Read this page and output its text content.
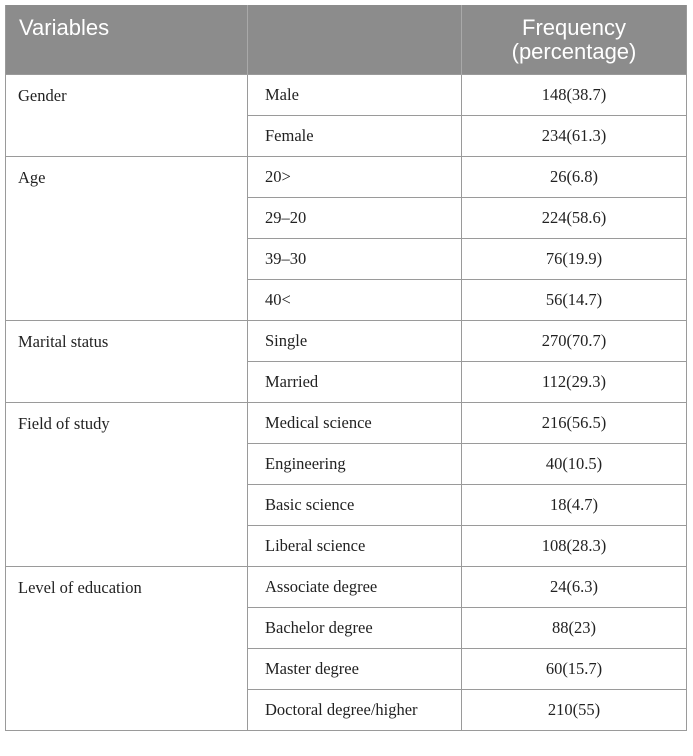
Variables		Frequency
(percentage)
Gender	Male	148(38.7)
	Female	234(61.3)
Age	20>	26(6.8)
	29–20	224(58.6)
	39–30	76(19.9)
	40<	56(14.7)
Marital status	Single	270(70.7)
	Married	112(29.3)
Field of study	Medical science	216(56.5)
	Engineering	40(10.5)
	Basic science	18(4.7)
	Liberal science	108(28.3)
Level of education	Associate degree	24(6.3)
	Bachelor degree	88(23)
	Master degree	60(15.7)
	Doctoral degree/higher	210(55)
